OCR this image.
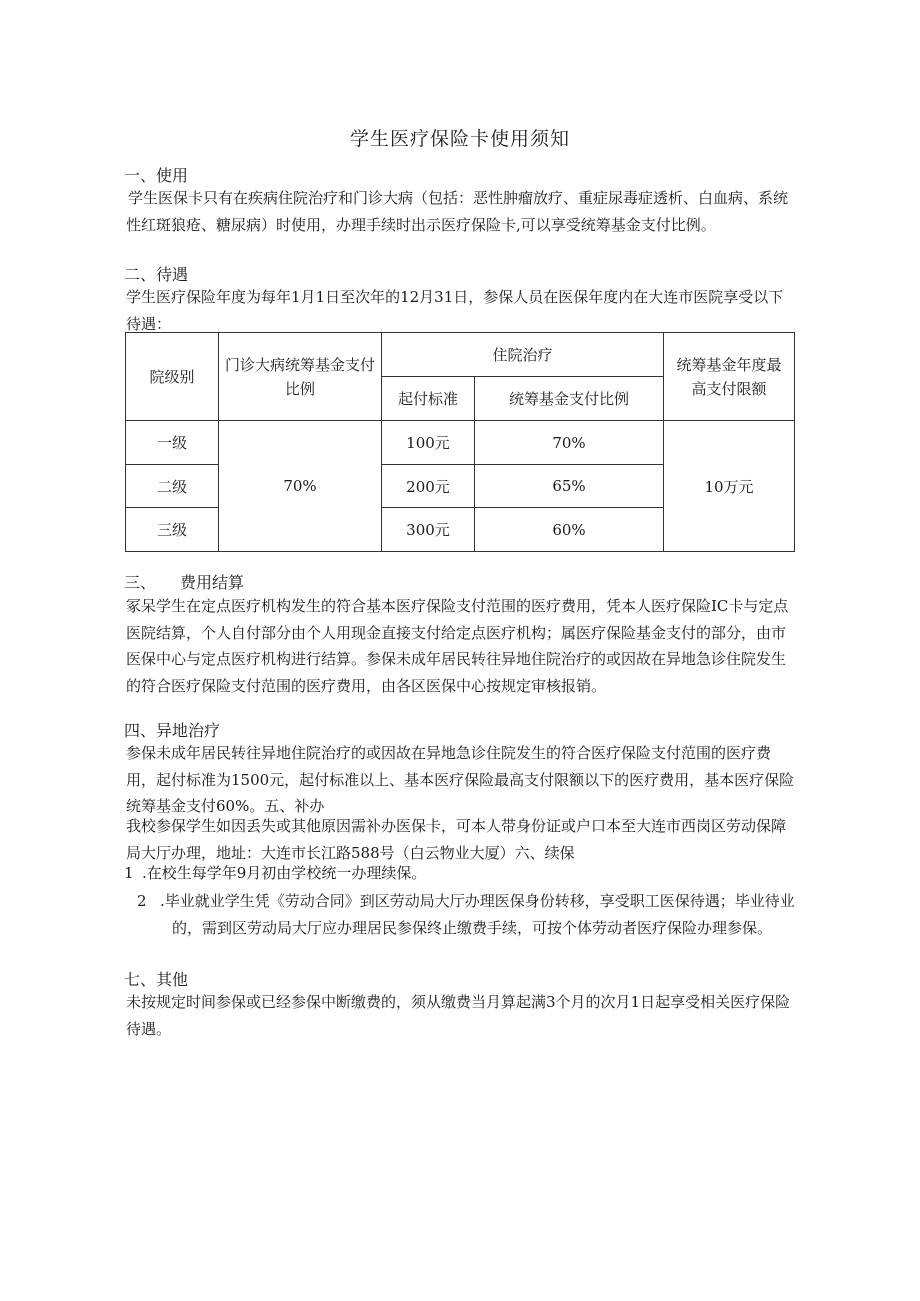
学生医疗保险卡使用须知
一、使用
学生医保卡只有在疾病住院治疗和门诊大病（包括：恶性肿瘤放疗、重症尿毒症透析、白血病、系统性红斑狼疮、糖尿病）时使用，办理手续时出示医疗保险卡,可以享受统筹基金支付比例。
二、待遇
学生医疗保险年度为每年1月1日至次年的12月31日，参保人员在医保年度内在大连市医院享受以下待遇：
院级别	门诊大病统筹基金支付比例	住院治疗		统筹基金年度最高支付限额
		起付标准	统筹基金支付比例	
一级	70%	100元	70%	10万元
二级		200元	65%	
三级		300元	60%	
三、　　费用结算
冢呆学生在定点医疗机构发生的符合基本医疗保险支付范围的医疗费用，凭本人医疗保险IC卡与定点医院结算，个人自付部分由个人用现金直接支付给定点医疗机构；属医疗保险基金支付的部分，由市医保中心与定点医疗机构进行结算。参保未成年居民转往异地住院治疗的或因故在异地急诊住院发生的符合医疗保险支付范围的医疗费用，由各区医保中心按规定审核报销。
四、异地治疗
参保未成年居民转往异地住院治疗的或因故在异地急诊住院发生的符合医疗保险支付范围的医疗费用，起付标准为1500元，起付标准以上、基本医疗保险最高支付限额以下的医疗费用，基本医疗保险统筹基金支付60%。五、补办
我校参保学生如因丢失或其他原因需补办医保卡，可本人带身份证或户口本至大连市西岗区劳动保障局大厅办理，地址：大连市长江路588号（白云物业大厦）六、续保
1 .在校生每学年9月初由学校统一办理续保。
2 .毕业就业学生凭《劳动合同》到区劳动局大厅办理医保身份转移，享受职工医保待遇；毕业待业的，需到区劳动局大厅应办理居民参保终止缴费手续，可按个体劳动者医疗保险办理参保。
七、其他
未按规定时间参保或已经参保中断缴费的，须从缴费当月算起满3个月的次月1日起享受相关医疗保险待遇。
